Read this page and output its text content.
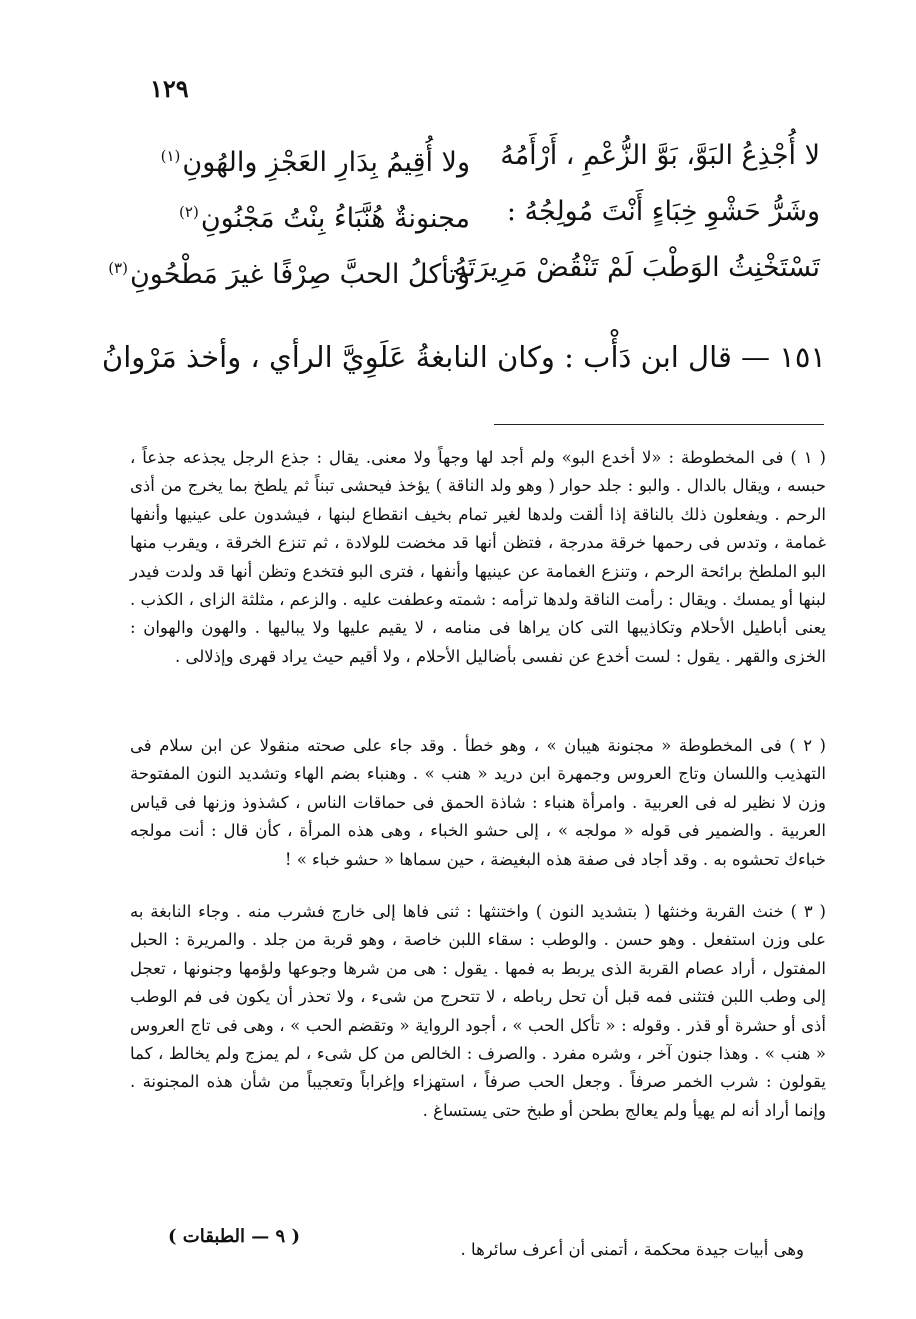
١٢٩
لا أُجْذِعُ البَوَّ، بَوَّ الزُّعْمِ ، أَرْأَمُهُ
ولا أُقِيمُ بِدَارِ العَجْزِ والهُونِ$^{(١)}$
وشَرُّ حَشْوِ خِبَاءٍ أَنْتَ مُولِجُهُ :
مجنونةٌ هُنَّبَاءُ بِنْتُ مَجْنُونِ$^{(٢)}$
تَسْتَخْنِثُ الوَطْبَ لَمْ تَنْقُضْ مَرِيرَتَهُ
وتأكلُ الحبَّ صِرْفًا غيرَ مَطْحُونِ$^{(٣)}$
١٥١ — قال ابن دَأْب : وكان النابغةُ عَلَوِيَّ الرأي ، وأخذ مَرْوانُ

( ١ ) فى المخطوطة : «لا أخدع البو» ولم أجد لها وجهاً ولا معنى. يقال : جذع الرجل يجذعه جذعاً ، حبسه ، ويقال بالدال . والبو : جلد حوار ( وهو ولد الناقة ) يؤخذ فيحشى تبناً ثم يلطخ بما يخرج من أذى الرحم . ويفعلون ذلك بالناقة إذا ألقت ولدها لغير تمام بخيف انقطاع لبنها ، فيشدون على عينيها وأنفها غمامة ، وتدس فى رحمها خرقة مدرجة ، فتظن أنها قد مخضت للولادة ، ثم تنزع الخرقة ، ويقرب منها البو الملطخ برائحة الرحم ، وتنزع الغمامة عن عينيها وأنفها ، فترى البو فتخدع وتظن أنها قد ولدت فيدر لبنها أو يمسك . ويقال : رأمت الناقة ولدها ترأمه : شمته وعطفت عليه . والزعم ، مثلثة الزاى ، الكذب . يعنى أباطيل الأحلام وتكاذيبها التى كان يراها فى منامه ، لا يقيم عليها ولا يباليها . والهون والهوان : الخزى والقهر . يقول : لست أخدع عن نفسى بأضاليل الأحلام ، ولا أقيم حيث يراد قهرى وإذلالى .

( ٢ ) فى المخطوطة « مجنونة هيبان » ، وهو خطأ . وقد جاء على صحته منقولا عن ابن سلام فى التهذيب واللسان وتاج العروس وجمهرة ابن دريد « هنب » . وهنباء بضم الهاء وتشديد النون المفتوحة وزن لا نظير له فى العربية . وامرأة هنباء : شاذة الحمق فى حماقات الناس ، كشذوذ وزنها فى قياس العربية . والضمير فى قوله « مولجه » ، إلى حشو الخباء ، وهى هذه المرأة ، كأن قال : أنت مولجه خباءك تحشوه به . وقد أجاد فى صفة هذه البغيضة ، حين سماها « حشو خباء » !

( ٣ ) خنث القربة وخنثها ( بتشديد النون ) واختنثها : ثنى فاها إلى خارج فشرب منه . وجاء النابغة به على وزن استفعل . وهو حسن . والوطب : سقاء اللبن خاصة ، وهو قربة من جلد . والمريرة : الحبل المفتول ، أراد عصام القربة الذى يربط به فمها . يقول : هى من شرها وجوعها ولؤمها وجنونها ، تعجل إلى وطب اللبن فتثنى فمه قبل أن تحل رباطه ، لا تتحرج من شىء ، ولا تحذر أن يكون فى فم الوطب أذى أو حشرة أو قذر . وقوله : « تأكل الحب » ، أجود الرواية « وتقضم الحب » ، وهى فى تاج العروس « هنب » . وهذا جنون آخر ، وشره مفرد . والصرف : الخالص من كل شىء ، لم يمزج ولم يخالط ، كما يقولون : شرب الخمر صرفاً . وجعل الحب صرفاً ، استهزاء وإغراباً وتعجيباً من شأن هذه المجنونة . وإنما أراد أنه لم يهيأ ولم يعالج بطحن أو طبخ حتى يستساغ .

وهى أبيات جيدة محكمة ، أتمنى أن أعرف سائرها .

( ٩ — الطبقات )
